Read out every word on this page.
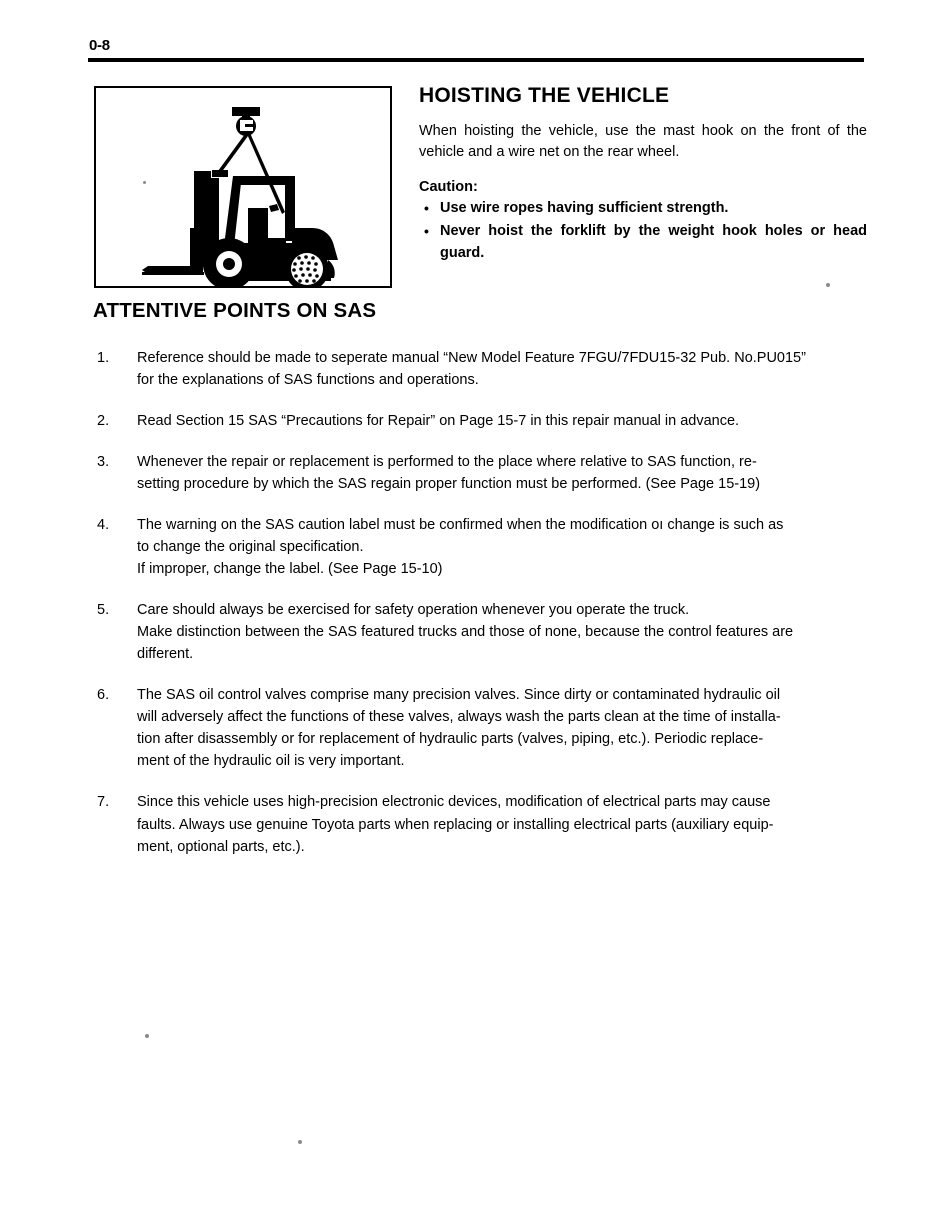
0-8
HOISTING THE VEHICLE

When hoisting the vehicle, use the mast hook on the front of the vehicle and a wire net on the rear wheel.

Caution:

• Use wire ropes having sufficient strength.
• Never hoist the forklift by the weight hook holes or head guard.
ATTENTIVE POINTS ON SAS
1. Reference should be made to seperate manual “New Model Feature 7FGU/7FDU15-32 Pub. No.PU015”
for the explanations of SAS functions and operations.
2. Read Section 15 SAS “Precautions for Repair” on Page 15-7 in this repair manual in advance.
3. Whenever the repair or replacement is performed to the place where relative to SAS function, re-
setting procedure by which the SAS regain proper function must be performed. (See Page 15-19)
4. The warning on the SAS caution label must be confirmed when the modification oı change is such as
to change the original specification.
If improper, change the label. (See Page 15-10)
5. Care should always be exercised for safety operation whenever you operate the truck.
Make distinction between the SAS featured trucks and those of none, because the control features are
different.
6. The SAS oil control valves comprise many precision valves. Since dirty or contaminated hydraulic oil
will adversely affect the functions of these valves, always wash the parts clean at the time of installa-
tion after disassembly or for replacement of hydraulic parts (valves, piping, etc.). Periodic replace-
ment of the hydraulic oil is very important.
7. Since this vehicle uses high-precision electronic devices, modification of electrical parts may cause
faults. Always use genuine Toyota parts when replacing or installing electrical parts (auxiliary equip-
ment, optional parts, etc.).
